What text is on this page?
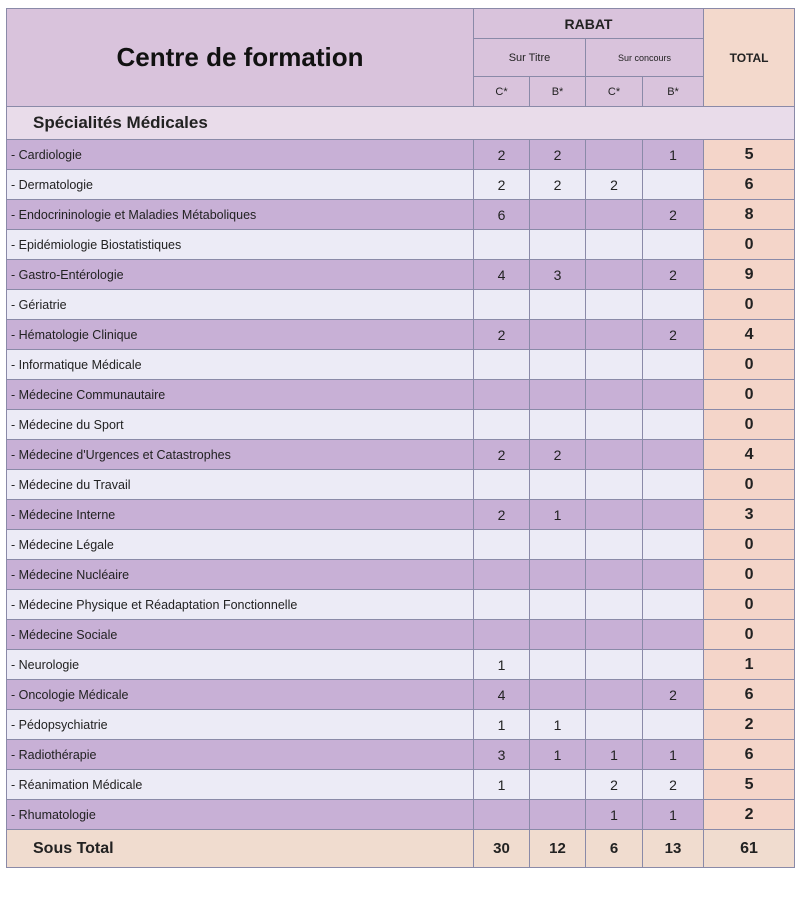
Centre de formation	RABAT				TOTAL
	Sur Titre		Sur concours		
	C*	B*	C*	B*	
Spécialités Médicales					
- Cardiologie	2	2		1	5
- Dermatologie	2	2	2		6
- Endocrininologie et Maladies Métaboliques	6			2	8
- Epidémiologie Biostatistiques					0
- Gastro-Entérologie	4	3		2	9
- Gériatrie					0
- Hématologie Clinique	2			2	4
- Informatique Médicale					0
- Médecine Communautaire					0
- Médecine du Sport					0
- Médecine d'Urgences et Catastrophes	2	2			4
- Médecine du Travail					0
- Médecine Interne	2	1			3
- Médecine Légale					0
- Médecine Nucléaire					0
- Médecine Physique et Réadaptation Fonctionnelle					0
- Médecine Sociale					0
- Neurologie	1				1
- Oncologie Médicale	4			2	6
- Pédopsychiatrie	1	1			2
- Radiothérapie	3	1	1	1	6
- Réanimation Médicale	1		2	2	5
- Rhumatologie			1	1	2
Sous Total	30	12	6	13	61
